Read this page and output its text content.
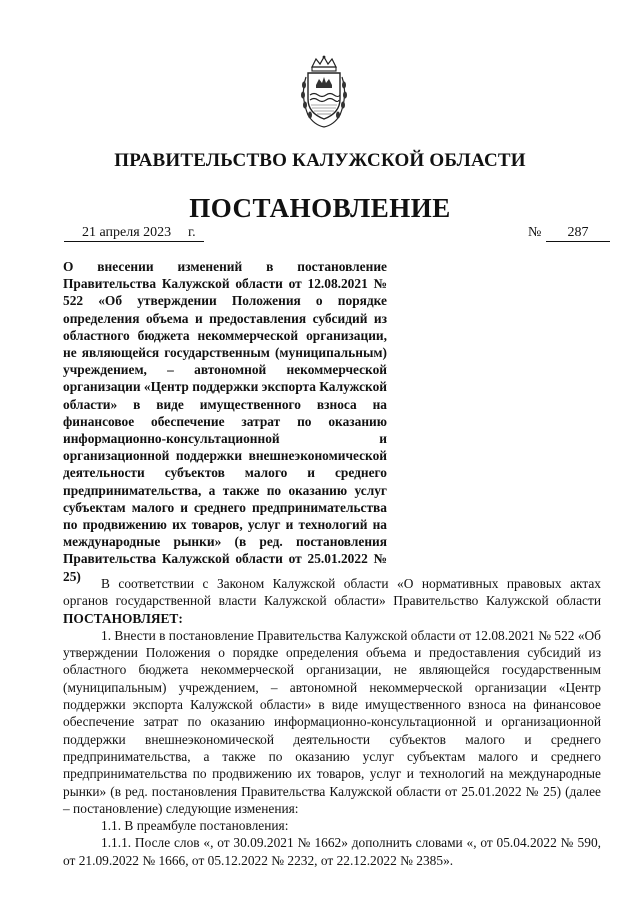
ПРАВИТЕЛЬСТВО КАЛУЖСКОЙ ОБЛАСТИ
ПОСТАНОВЛЕНИЕ
21 апреля 2023	г.	№	287
О внесении изменений в постановление Правительства Калужской области от 12.08.2021 № 522 «Об утверждении Положения о порядке определения объема и предоставления субсидий из областного бюджета некоммерческой организации, не являющейся государственным (муниципальным) учреждением, – автономной некоммерческой организации «Центр поддержки экспорта Калужской области» в виде имущественного взноса на финансовое обеспечение затрат по оказанию информационно-консультационной и организационной поддержки внешнеэкономической деятельности субъектов малого и среднего предпринимательства, а также по оказанию услуг субъектам малого и среднего предпринимательства по продвижению их товаров, услуг и технологий на международные рынки» (в ред. постановления Правительства Калужской области от 25.01.2022 № 25)	В соответствии с Законом Калужской области «О нормативных правовых актах органов государственной власти Калужской области» Правительство Калужской области ПОСТАНОВЛЯЕТ:

1. Внести в постановление Правительства Калужской области от 12.08.2021 № 522 «Об утверждении Положения о порядке определения объема и предоставления субсидий из областного бюджета некоммерческой организации, не являющейся государственным (муниципальным) учреждением, – автономной некоммерческой организации «Центр поддержки экспорта Калужской области» в виде имущественного взноса на финансовое обеспечение затрат по оказанию информационно-консультационной и организационной поддержки внешнеэкономической деятельности субъектов малого и среднего предпринимательства, а также по оказанию услуг субъектам малого и среднего предпринимательства по продвижению их товаров, услуг и технологий на международные рынки» (в ред. постановления Правительства Калужской области от 25.01.2022 № 25) (далее – постановление) следующие изменения:

1.1. В преамбуле постановления:

1.1.1. После слов «, от 30.09.2021 № 1662» дополнить словами «, от 05.04.2022 № 590, от 21.09.2022 № 1666, от 05.12.2022 № 2232, от 22.12.2022 № 2385».
